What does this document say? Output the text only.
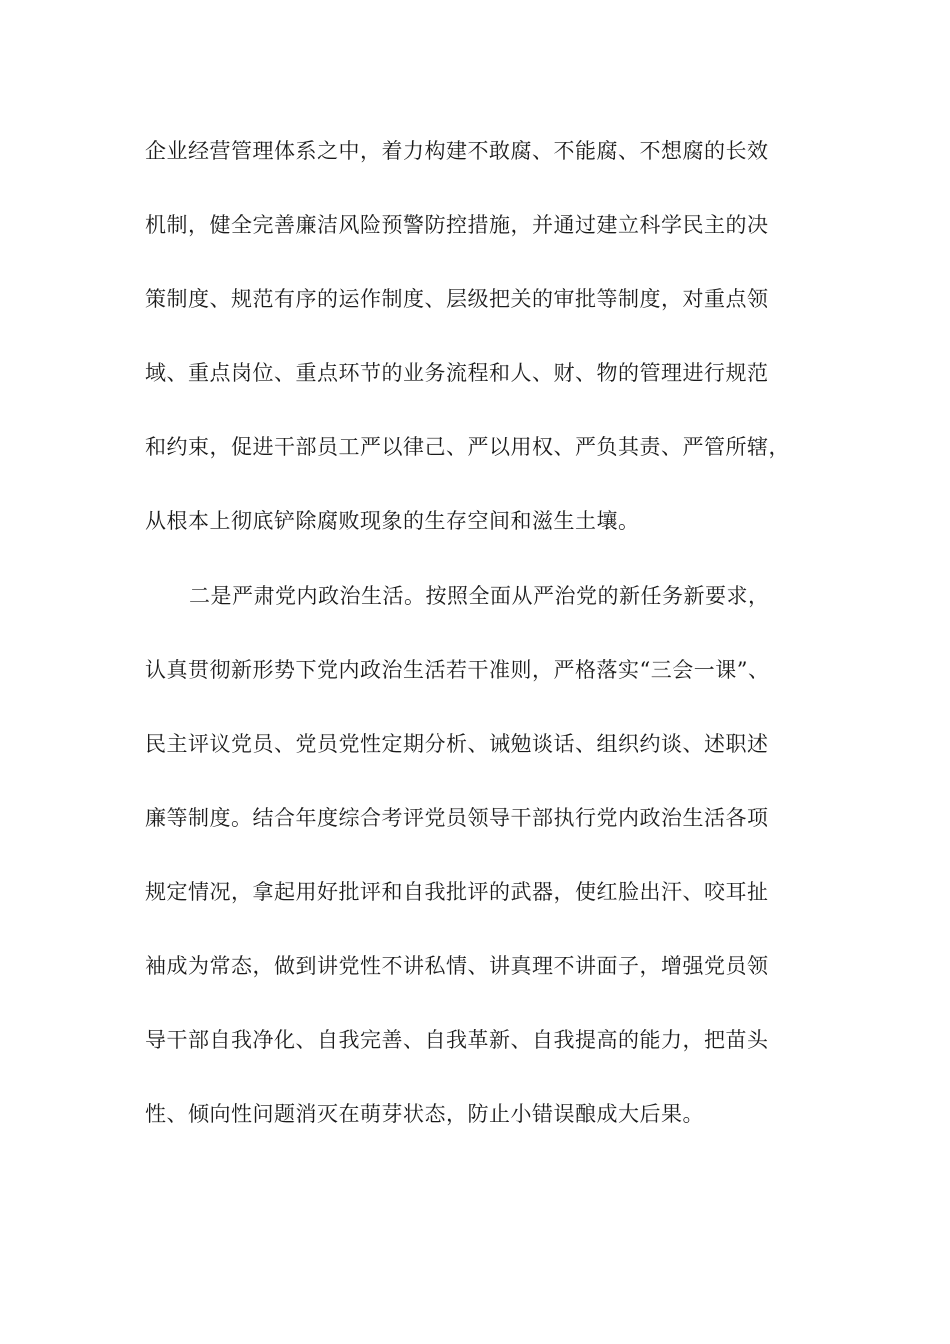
企业经营管理体系之中，着力构建不敢腐、不能腐、不想腐的长效
机制，健全完善廉洁风险预警防控措施，并通过建立科学民主的决
策制度、规范有序的运作制度、层级把关的审批等制度，对重点领
域、重点岗位、重点环节的业务流程和人、财、物的管理进行规范
和约束，促进干部员工严以律己、严以用权、严负其责、严管所辖，
从根本上彻底铲除腐败现象的生存空间和滋生土壤。
二是严肃党内政治生活。按照全面从严治党的新任务新要求，
认真贯彻新形势下党内政治生活若干准则，严格落实“三会一课”、
民主评议党员、党员党性定期分析、诫勉谈话、组织约谈、述职述
廉等制度。结合年度综合考评党员领导干部执行党内政治生活各项
规定情况，拿起用好批评和自我批评的武器，使红脸出汗、咬耳扯
袖成为常态，做到讲党性不讲私情、讲真理不讲面子，增强党员领
导干部自我净化、自我完善、自我革新、自我提高的能力，把苗头
性、倾向性问题消灭在萌芽状态，防止小错误酿成大后果。
